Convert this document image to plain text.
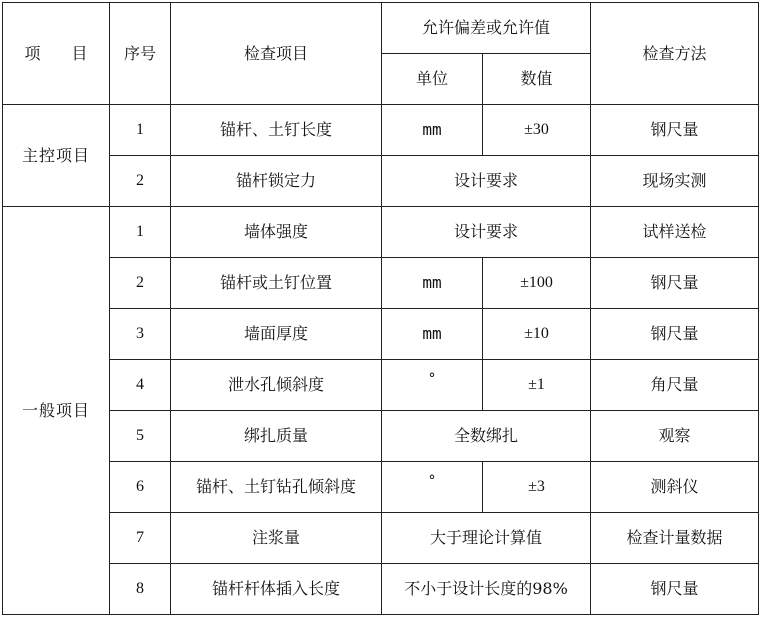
项 目	序号	检查项目	允许偏差或允许值		检查方法
			单位	数值	
主控项目	1	锚杆、土钉长度	mm	±30	钢尺量
	2	锚杆锁定力	设计要求		现场实测
一般项目	1	墙体强度	设计要求		试样送检
	2	锚杆或土钉位置	mm	±100	钢尺量
	3	墙面厚度	mm	±10	钢尺量
	4	泄水孔倾斜度	°	±1	角尺量
	5	绑扎质量	全数绑扎		观察
	6	锚杆、土钉钻孔倾斜度	°	±3	测斜仪
	7	注浆量	大于理论计算值		检查计量数据
	8	锚杆杆体插入长度	不小于设计长度的98%		钢尺量
